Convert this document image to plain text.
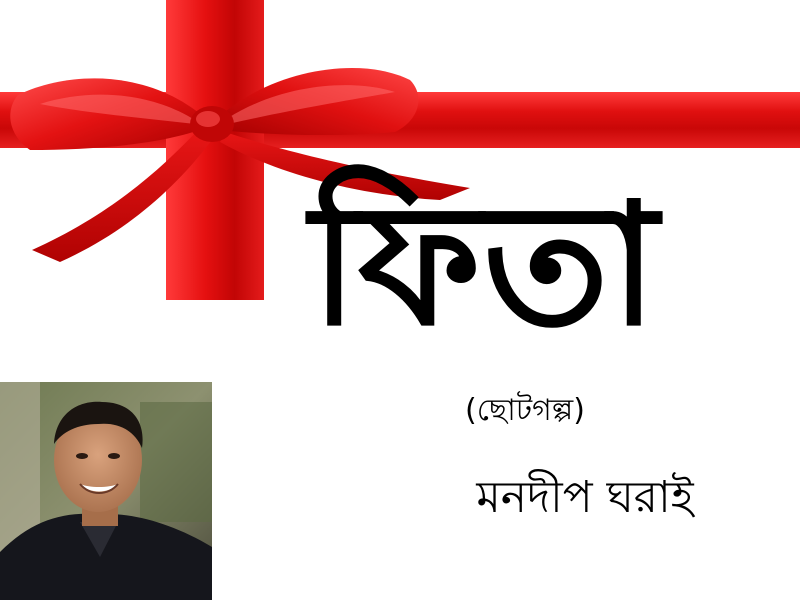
ফিতা
(ছোটগল্প)
মনদীপ ঘরাই
